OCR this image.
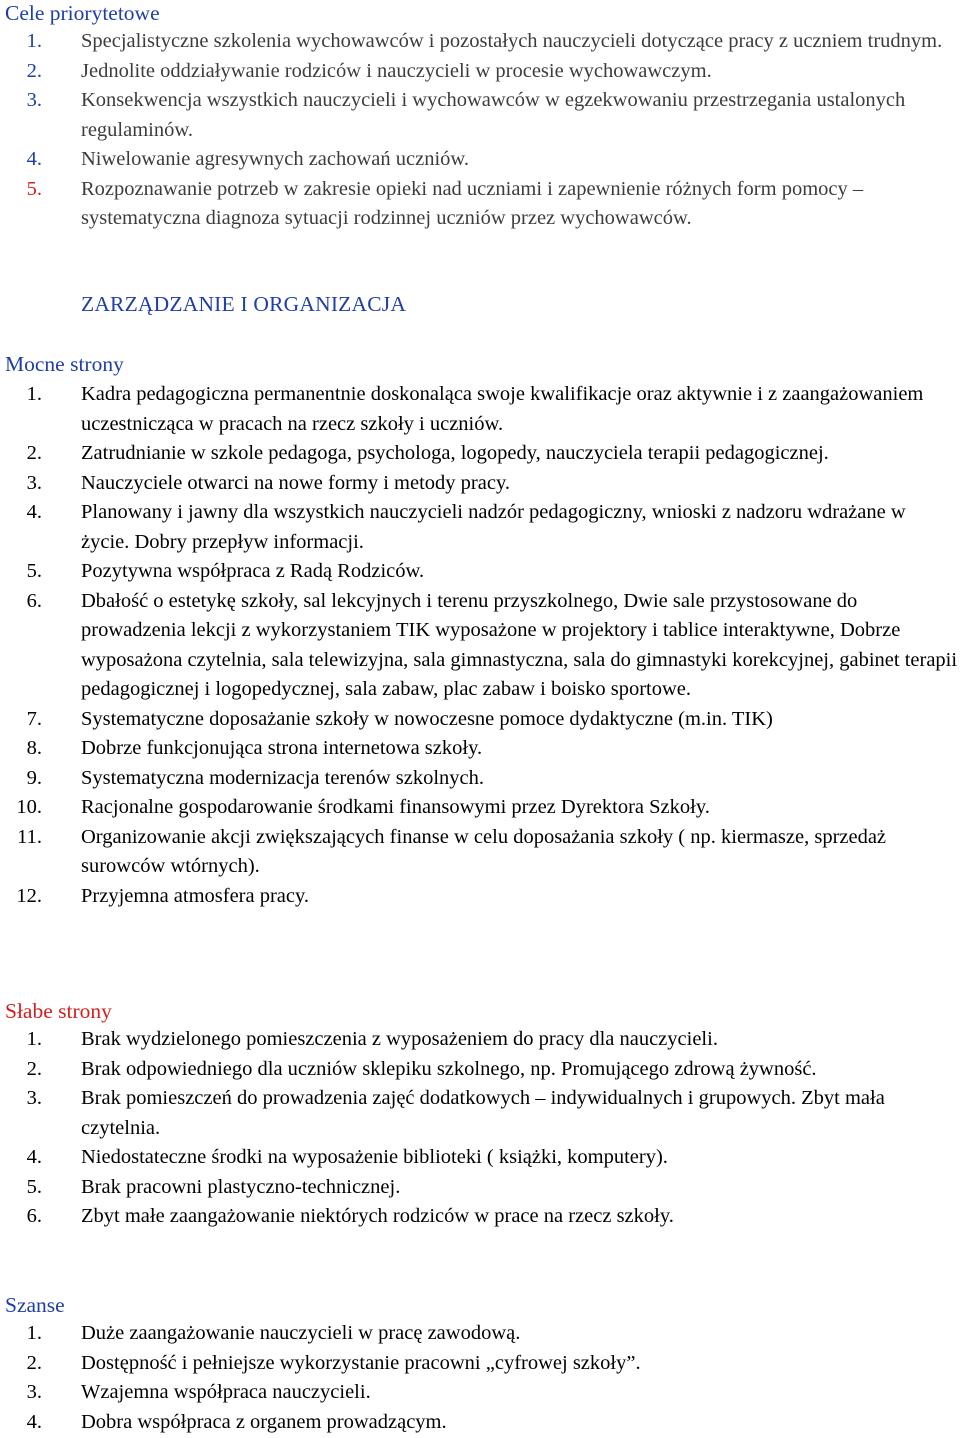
Cele priorytetowe
1. Specjalistyczne szkolenia wychowawców i pozostałych nauczycieli dotyczące pracy z uczniem trudnym.
2. Jednolite oddziaływanie rodziców i nauczycieli w procesie wychowawczym.
3. Konsekwencja wszystkich nauczycieli i wychowawców w egzekwowaniu przestrzegania ustalonych regulaminów.
4. Niwelowanie agresywnych zachowań uczniów.
5. Rozpoznawanie potrzeb w zakresie opieki nad uczniami i zapewnienie różnych form pomocy – systematyczna diagnoza sytuacji rodzinnej uczniów przez wychowawców.
ZARZĄDZANIE I ORGANIZACJA
Mocne strony
1. Kadra pedagogiczna permanentnie doskonaląca swoje kwalifikacje oraz aktywnie i z zaangażowaniem uczestnicząca w pracach na rzecz szkoły i uczniów.
2. Zatrudnianie w szkole pedagoga, psychologa, logopedy, nauczyciela terapii pedagogicznej.
3. Nauczyciele otwarci na nowe formy i metody pracy.
4. Planowany i jawny dla wszystkich nauczycieli nadzór pedagogiczny, wnioski z nadzoru wdrażane w życie. Dobry przepływ informacji.
5. Pozytywna współpraca z Radą Rodziców.
6. Dbałość o estetykę szkoły, sal lekcyjnych i terenu przyszkolnego, Dwie sale przystosowane do prowadzenia lekcji z wykorzystaniem TIK wyposażone w projektory i tablice interaktywne, Dobrze wyposażona czytelnia, sala telewizyjna, sala gimnastyczna, sala do gimnastyki korekcyjnej, gabinet terapii pedagogicznej i logopedycznej, sala zabaw, plac zabaw i boisko sportowe.
7. Systematyczne doposażanie szkoły w nowoczesne pomoce dydaktyczne (m.in. TIK)
8. Dobrze funkcjonująca strona internetowa szkoły.
9. Systematyczna modernizacja terenów szkolnych.
10. Racjonalne gospodarowanie środkami finansowymi przez Dyrektora Szkoły.
11. Organizowanie akcji zwiększających finanse w celu doposażania szkoły ( np. kiermasze, sprzedaż surowców wtórnych).
12. Przyjemna atmosfera pracy.
Słabe strony
1. Brak wydzielonego pomieszczenia z wyposażeniem do pracy dla nauczycieli.
2. Brak odpowiedniego dla uczniów sklepiku szkolnego, np. Promującego zdrową żywność.
3. Brak pomieszczeń do prowadzenia zajęć dodatkowych – indywidualnych i grupowych. Zbyt mała czytelnia.
4. Niedostateczne środki na wyposażenie biblioteki ( książki, komputery).
5. Brak pracowni plastyczno-technicznej.
6. Zbyt małe zaangażowanie niektórych rodziców w prace na rzecz szkoły.
Szanse
1. Duże zaangażowanie nauczycieli w pracę zawodową.
2. Dostępność i pełniejsze wykorzystanie pracowni „cyfrowej szkoły”.
3. Wzajemna współpraca nauczycieli.
4. Dobra współpraca z organem prowadzącym.
